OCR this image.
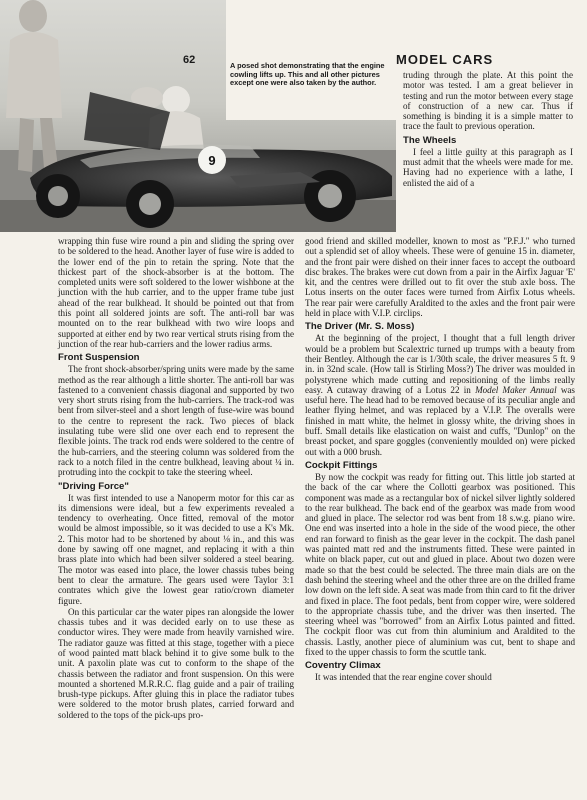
9
62	MODEL CARS
A posed shot demonstrating that the engine cowling lifts up. This and all other pictures except one were also taken by the author.

truding through the plate. At this point the motor was tested. I am a great believer in testing and run the motor between every stage of construction of a new car. Thus if something is binding it is a simple matter to trace the fault to previous operation.

The Wheels

I feel a little guilty at this paragraph as I must admit that the wheels were made for me. Having had no experience with a lathe, I enlisted the aid of a

wrapping thin fuse wire round a pin and sliding the spring over to be soldered to the head. Another layer of fuse wire is added to the lower end of the pin to retain the spring. Note that the thickest part of the shock-absorber is at the bottom. The completed units were soft soldered to the lower wishbone at the junction with the hub carrier, and to the upper frame tube just ahead of the rear bulkhead. It should be pointed out that from this point all soldered joints are soft. The anti-roll bar was mounted on to the rear bulkhead with two wire loops and supported at either end by two rear vertical struts rising from the junction of the rear hub-carriers and the lower radius arms.

Front Suspension

The front shock-absorber/spring units were made by the same method as the rear although a little shorter. The anti-roll bar was fastened to a convenient chassis diagonal and supported by two very short struts rising from the hub-carriers. The track-rod was bent from silver-steel and a short length of fuse-wire was bound to the centre to represent the rack. Two pieces of black insulating tube were slid one over each end to represent the flexible joints. The track rod ends were soldered to the centre of the hub-carriers, and the steering column was soldered from the rack to a notch filed in the centre bulkhead, leaving about ¼ in. protruding into the cockpit to take the steering wheel.

"Driving Force"

It was first intended to use a Nanoperm motor for this car as its dimensions were ideal, but a few experiments revealed a tendency to overheating. Once fitted, removal of the motor would be almost impossible, so it was decided to use a K's Mk. 2. This motor had to be shortened by about ⅛ in., and this was done by sawing off one magnet, and replacing it with a thin brass plate into which had been silver soldered a steel bearing. The motor was eased into place, the lower chassis tubes being bent to clear the armature. The gears used were Taylor 3:1 contrates which give the lowest gear ratio/crown diameter figure.

On this particular car the water pipes ran alongside the lower chassis tubes and it was decided early on to use these as conductor wires. They were made from heavily varnished wire. The radiator gauze was fitted at this stage, together with a piece of wood painted matt black behind it to give some bulk to the unit. A paxolin plate was cut to conform to the shape of the chassis between the radiator and front suspension. On this were mounted a shortened M.R.R.C. flag guide and a pair of trailing brush-type pickups. After gluing this in place the radiator tubes were soldered to the motor brush plates, carried forward and soldered to the tops of the pick-ups pro-

good friend and skilled modeller, known to most as "P.F.J." who turned out a splendid set of alloy wheels. These were of genuine 15 in. diameter, and the front pair were dished on their inner faces to accept the outboard disc brakes. The brakes were cut down from a pair in the Airfix Jaguar 'E' kit, and the centres were drilled out to fit over the stub axle boss. The Lotus inserts on the outer faces were turned from Airfix Lotus wheels. The rear pair were carefully Araldited to the axles and the front pair were held in place with V.I.P. circlips.

The Driver (Mr. S. Moss)

At the beginning of the project, I thought that a full length driver would be a problem but Scalextric turned up trumps with a beauty from their Bentley. Although the car is 1/30th scale, the driver measures 5 ft. 9 in. in 32nd scale. (How tall is Stirling Moss?) The driver was moulded in polystyrene which made cutting and repositioning of the limbs really easy. A cutaway drawing of a Lotus 22 in Model Maker Annual was useful here. The head had to be removed because of its peculiar angle and leather flying helmet, and was replaced by a V.I.P. The overalls were finished in matt white, the helmet in glossy white, the driving shoes in buff. Small details like elastication on waist and cuffs, "Dunlop" on the breast pocket, and spare goggles (conveniently moulded on) were picked out with a 000 brush.

Cockpit Fittings

By now the cockpit was ready for fitting out. This little job started at the back of the car where the Collotti gearbox was positioned. This component was made as a rectangular box of nickel silver lightly soldered to the rear bulkhead. The back end of the gearbox was made from wood and glued in place. The selector rod was bent from 18 s.w.g. piano wire. One end was inserted into a hole in the side of the wood piece, the other end ran forward to finish as the gear lever in the cockpit. The dash panel was painted matt red and the instruments fitted. These were painted in white on black paper, cut out and glued in place. About two dozen were made so that the best could be selected. The three main dials are on the dash behind the steering wheel and the other three are on the drilled frame low down on the left side. A seat was made from thin card to fit the driver and fixed in place. The foot pedals, bent from copper wire, were soldered to the appropriate chassis tube, and the driver was then inserted. The steering wheel was "borrowed" from an Airfix Lotus painted and fitted. The cockpit floor was cut from thin aluminium and Araldited to the chassis. Lastly, another piece of aluminium was cut, bent to shape and fixed to the upper chassis to form the scuttle tank.

Coventry Climax

It was intended that the rear engine cover should
